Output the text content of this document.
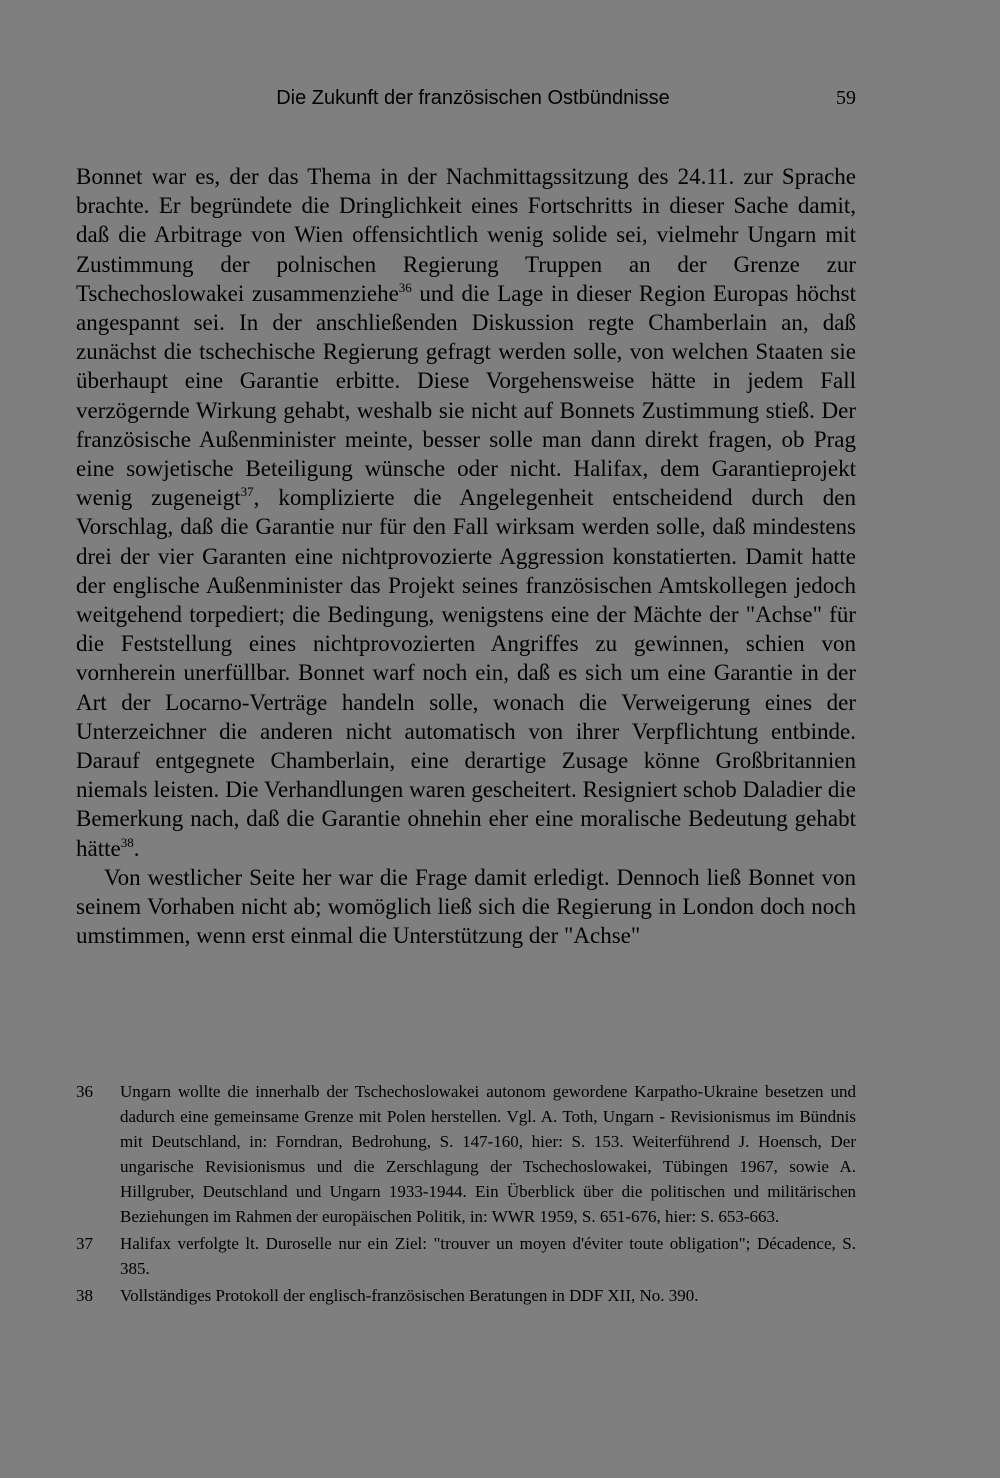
Die Zukunft der französischen Ostbündnisse	59

Bonnet war es, der das Thema in der Nachmittagssitzung des 24.11. zur Sprache brachte. Er begründete die Dringlichkeit eines Fortschritts in dieser Sache damit, daß die Arbitrage von Wien offensichtlich wenig solide sei, vielmehr Ungarn mit Zustimmung der polnischen Regierung Truppen an der Grenze zur Tschechoslowakei zusammenziehe$^{36}$ und die Lage in dieser Region Europas höchst angespannt sei. In der anschließenden Diskussion regte Chamberlain an, daß zunächst die tschechische Regierung gefragt werden solle, von welchen Staaten sie überhaupt eine Garantie erbitte. Diese Vorgehensweise hätte in jedem Fall verzögernde Wirkung gehabt, weshalb sie nicht auf Bonnets Zustimmung stieß. Der französische Außenminister meinte, besser solle man dann direkt fragen, ob Prag eine sowjetische Beteiligung wünsche oder nicht. Halifax, dem Garantieprojekt wenig zugeneigt$^{37}$, komplizierte die Angelegenheit entscheidend durch den Vorschlag, daß die Garantie nur für den Fall wirksam werden solle, daß mindestens drei der vier Garanten eine nichtprovozierte Aggression konstatierten. Damit hatte der englische Außenminister das Projekt seines französischen Amtskollegen jedoch weitgehend torpediert; die Bedingung, wenigstens eine der Mächte der "Achse" für die Feststellung eines nichtprovozierten Angriffes zu gewinnen, schien von vornherein unerfüllbar. Bonnet warf noch ein, daß es sich um eine Garantie in der Art der Locarno-Verträge handeln solle, wonach die Verweigerung eines der Unterzeichner die anderen nicht automatisch von ihrer Verpflichtung entbinde. Darauf entgegnete Chamberlain, eine derartige Zusage könne Großbritannien niemals leisten. Die Verhandlungen waren gescheitert. Resigniert schob Daladier die Bemerkung nach, daß die Garantie ohnehin eher eine moralische Bedeutung gehabt hätte$^{38}$.

Von westlicher Seite her war die Frage damit erledigt. Dennoch ließ Bonnet von seinem Vorhaben nicht ab; womöglich ließ sich die Regierung in London doch noch umstimmen, wenn erst einmal die Unterstützung der "Achse"

36	Ungarn wollte die innerhalb der Tschechoslowakei autonom gewordene Karpatho-Ukraine besetzen und dadurch eine gemeinsame Grenze mit Polen herstellen. Vgl. A. Toth, Ungarn - Revisionismus im Bündnis mit Deutschland, in: Forndran, Bedrohung, S. 147-160, hier: S. 153. Weiterführend J. Hoensch, Der ungarische Revisionismus und die Zerschlagung der Tschechoslowakei, Tübingen 1967, sowie A. Hillgruber, Deutschland und Ungarn 1933-1944. Ein Überblick über die politischen und militärischen Beziehungen im Rahmen der europäischen Politik, in: WWR 1959, S. 651-676, hier: S. 653-663.
37	Halifax verfolgte lt. Duroselle nur ein Ziel: "trouver un moyen d'éviter toute obligation"; Décadence, S. 385.
38	Vollständiges Protokoll der englisch-französischen Beratungen in DDF XII, No. 390.
